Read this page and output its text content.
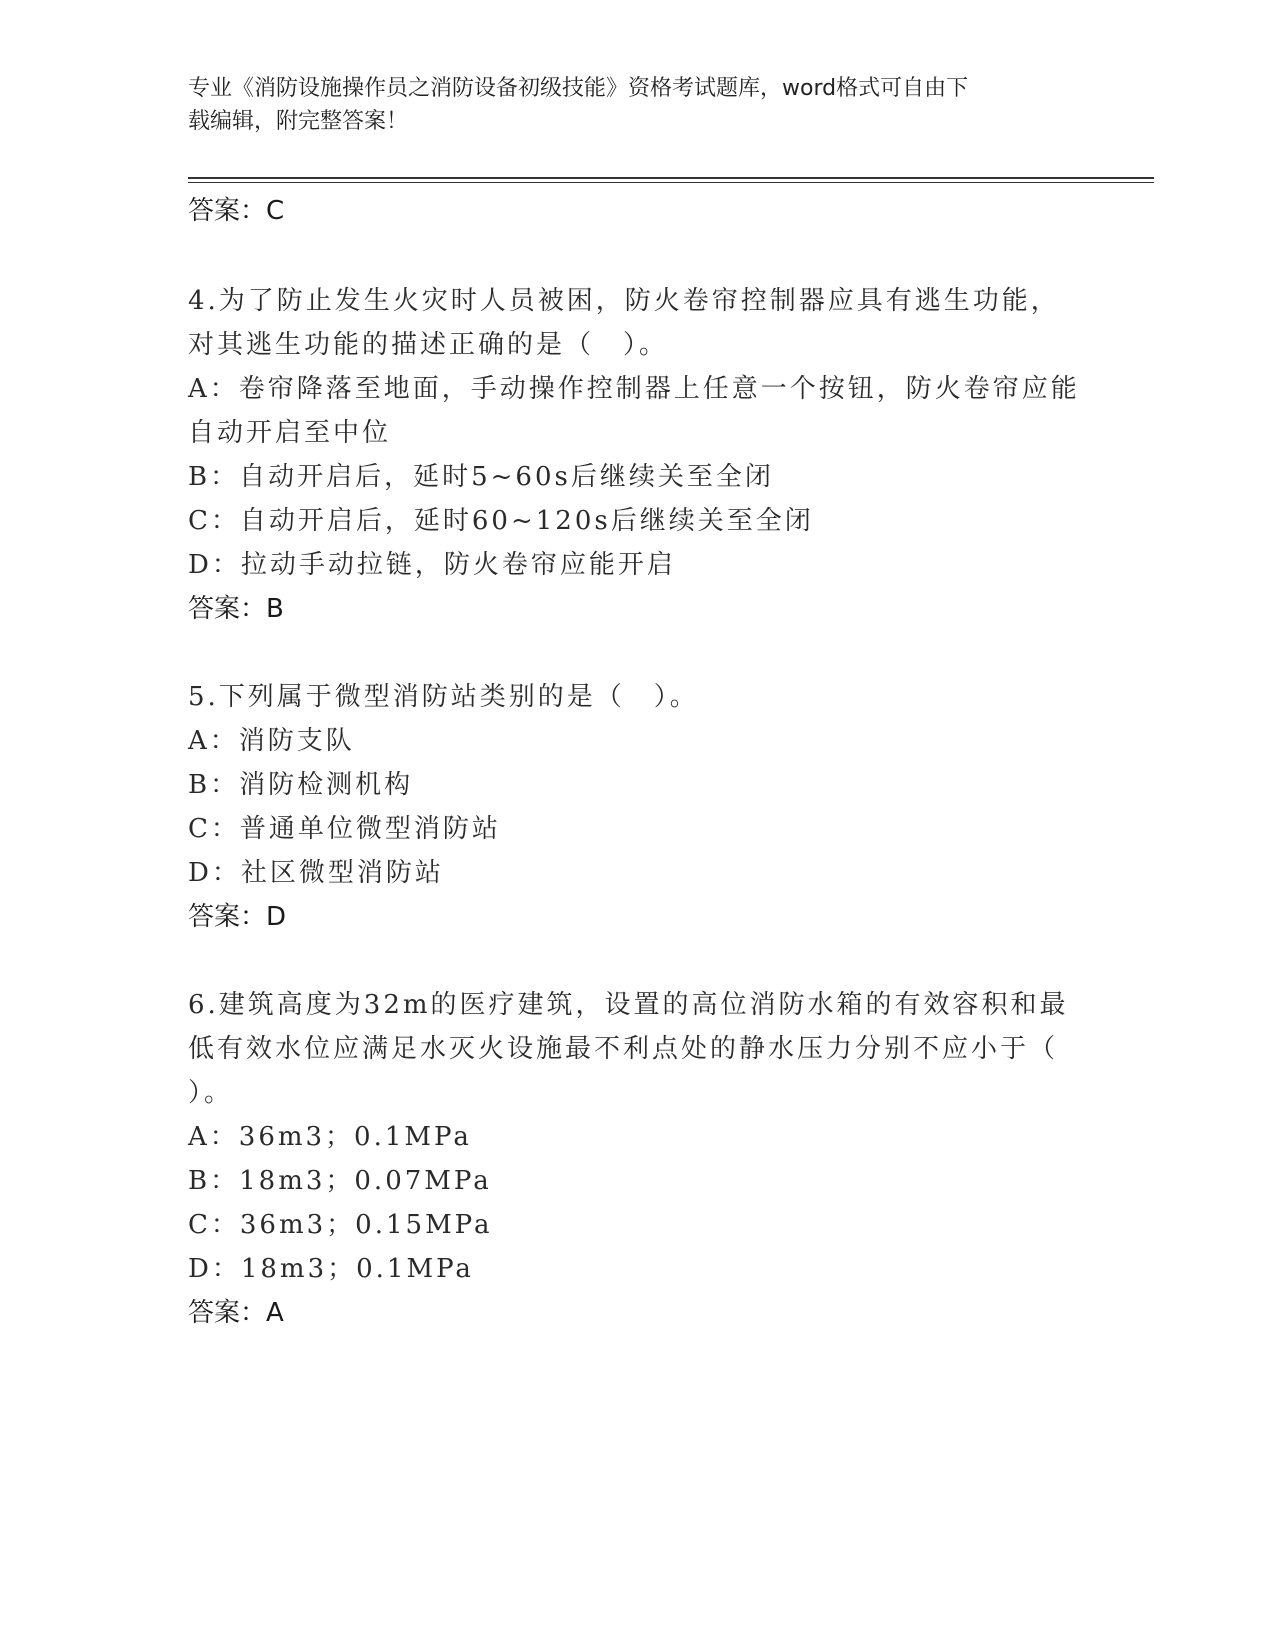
专业《消防设施操作员之消防设备初级技能》资格考试题库，word格式可自由下
载编辑，附完整答案！
答案：C
4.为了防止发生火灾时人员被困，防火卷帘控制器应具有逃生功能，
对其逃生功能的描述正确的是（　）。
A：卷帘降落至地面，手动操作控制器上任意一个按钮，防火卷帘应能
自动开启至中位
B：自动开启后，延时5~60s后继续关至全闭
C：自动开启后，延时60~120s后继续关至全闭
D：拉动手动拉链，防火卷帘应能开启
答案：B
5.下列属于微型消防站类别的是（　）。
A：消防支队
B：消防检测机构
C：普通单位微型消防站
D：社区微型消防站
答案：D
6.建筑高度为32m的医疗建筑，设置的高位消防水箱的有效容积和最
低有效水位应满足水灭火设施最不利点处的静水压力分别不应小于（
）。
A：36m3；0.1MPa
B：18m3；0.07MPa
C：36m3；0.15MPa
D：18m3；0.1MPa
答案：A
